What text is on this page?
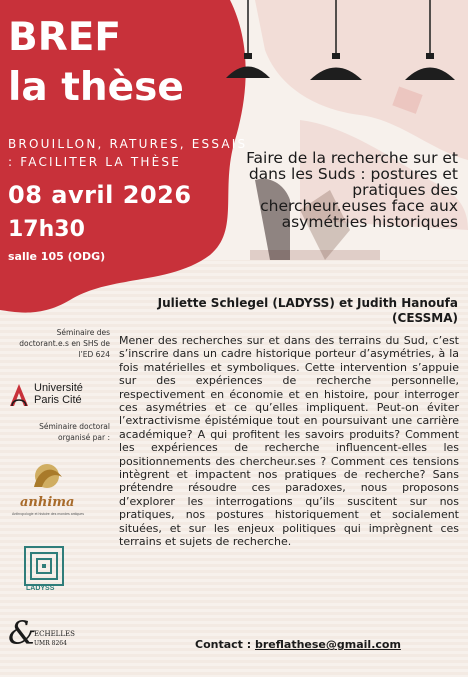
BREF
la thèse
BROUILLON, RATURES, ESSAIS : FACILITER LA THÈSE
08 avril 2026
17h30
salle 105 (ODG)
Faire de la recherche sur et dans les Suds : postures et pratiques des chercheur.euses face aux asymétries historiques
Juliette Schlegel (LADYSS) et Judith Hanoufa (CESSMA)
Mener des recherches sur et dans des terrains du Sud, c’est s’inscrire dans un cadre historique porteur d’asymétries, à la fois matérielles et symboliques. Cette intervention s’appuie sur des expériences de recherche personnelle, respectivement en économie et en histoire, pour interroger ces asymétries et ce qu’elles impliquent. Peut-on éviter l’extractivisme épistémique tout en poursuivant une carrière académique? A qui profitent les savoirs produits? Comment les expériences de recherche influencent-elles les positionnements des chercheur.ses ? Comment ces tensions intègrent et impactent nos pratiques de recherche? Sans prétendre résoudre ces paradoxes, nous proposons d’explorer les interrogations qu’ils suscitent sur nos pratiques, nos postures historiquement et socialement situées, et sur les enjeux politiques qui imprègnent ces terrains et sujets de recherche.
Séminaire des doctorant.e.s en SHS de l’ED 624
Université
Paris Cité
Séminaire doctoral organisé par :
anhima
Anthropologie et histoire des mondes antiques
LADYSS
&
ECHELLES
UMR 8264	Contact : breflathese@gmail.com
